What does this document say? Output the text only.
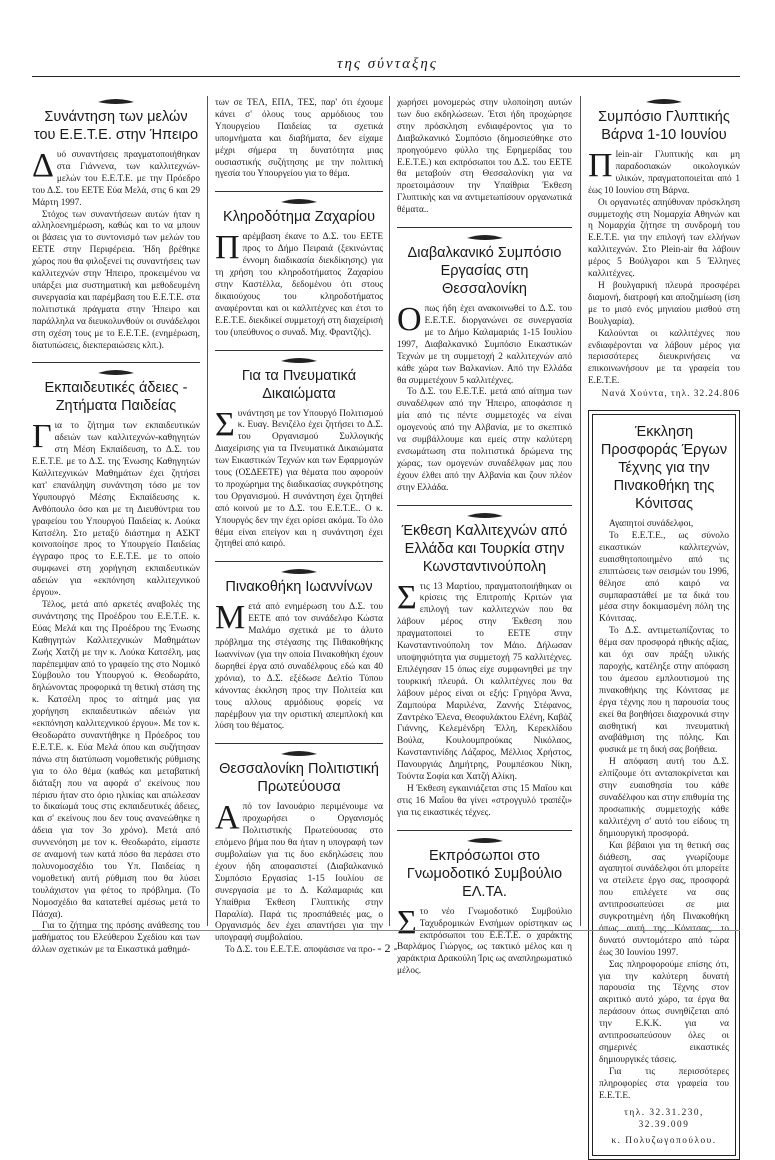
της σύνταξης
Συνάντηση των μελών του Ε.Ε.Τ.Ε. στην Ήπειρο

Δυό συναντήσεις πραγματοποιήθηκαν στα Γιάννενα, των καλλιτεχνών-μελών του Ε.Ε.Τ.Ε. με την Πρόεδρο του Δ.Σ. του ΕΕΤΕ Εύα Μελά, στις 6 και 29 Μάρτη 1997.

Στόχος των συναντήσεων αυτών ήταν η αλληλοενημέρωση, καθώς και το να μπουν οι βάσεις για το συντονισμό των μελών του ΕΕΤΕ στην Περιφέρεια. Ήδη βρέθηκε χώρος που θα φιλοξενεί τις συναντήσεις των καλλιτεχνών στην Ήπειρο, προκειμένου να υπάρξει μια συστηματική και μεθοδευμένη συνεργασία και παρέμβαση του Ε.Ε.Τ.Ε. στα πολιτιστικά πράγματα στην Ήπειρο και παράλληλα να διευκολυνθούν οι συνάδελφοι στη σχέση τους με το Ε.Ε.Τ.Ε. (ενημέρωση, διατυπώσεις, διεκπεραιώσεις κλπ.).

Εκπαιδευτικές άδειες - Ζητήματα Παιδείας

Για το ζήτημα των εκπαιδευτικών αδειών των καλλιτεχνών-καθηγητών στη Μέση Εκπαίδευση, το Δ.Σ. του Ε.Ε.Τ.Ε. με το Δ.Σ. της Ένωσης Καθηγητών Καλλιτεχνικών Μαθημάτων έχει ζητήσει κατ' επανάληψη συνάντηση τόσο με τον Υφυπουργό Μέσης Εκπαίδευσης κ. Ανθόπουλο όσο και με τη Διευθύντρια του γραφείου του Υπουργού Παιδείας κ. Λούκα Κατσέλη. Στο μεταξύ διάστημα η ΑΣΚΤ κοινοποίησε προς το Υπουργείο Παιδείας έγγραφο προς το Ε.Ε.Τ.Ε. με το οποίο συμφωνεί στη χορήγηση εκπαιδευτικών αδειών για «εκπόνηση καλλιτεχνικού έργου».

Τέλος, μετά από αρκετές αναβολές της συνάντησης της Προέδρου του Ε.Ε.Τ.Ε. κ. Εύας Μελά και της Προέδρου της Ένωσης Καθηγητών Καλλιτεχνικών Μαθημάτων Ζωής Χατζή με την κ. Λούκα Κατσέλη, μας παρέπεμψαν από το γραφείο της στο Νομικό Σύμβουλο του Υπουργού κ. Θεοδωράτο, δηλώνοντας προφορικά τη θετική στάση της κ. Κατσέλη προς το αίτημά μας για χορήγηση εκπαιδευτικών αδειών για «εκπόνηση καλλιτεχνικού έργου». Με τον κ. Θεοδωράτο συναντήθηκε η Πρόεδρος του Ε.Ε.Τ.Ε. κ. Εύα Μελά όπου και συζήτησαν πάνω στη διατύπωση νομοθετικής ρύθμισης για το όλο θέμα (καθώς και μεταβατική διάταξη που να αφορά σ' εκείνους που πέρισυ ήταν στο όριο ηλικίας και απώλεσαν το δικαίωμά τους στις εκπαιδευτικές άδειες, και σ' εκείνους που δεν τους ανανεώθηκε η άδεια για τον 3ο χρόνο). Μετά από συννενόηση με τον κ. Θεοδωράτο, είμαστε σε αναμονή των κατά πόσο θα περάσει στο πολυνομοσχέδιο του Υπ. Παιδείας η νομοθετική αυτή ρύθμιση που θα λύσει τουλάχιστον για φέτος το πρόβλημα. (Το Νομοσχέδιο θα κατατεθεί αμέσως μετά το Πάσχα).

Για το ζήτημα της πρόσης ανάθεσης του μαθήματος του Ελεύθερου Σχεδίου και των άλλων σχετικών με τα Εικαστικά μαθημά-

των σε ΤΕΛ, ΕΠΛ, ΤΕΣ, παρ' ότι έχουμε κάνει σ' όλους τους αρμόδιους του Υπουργείου Παιδείας τα σχετικά υπομνήματα και διαβήματα, δεν είχαμε μέχρι σήμερα τη δυνατότητα μιας ουσιαστικής συζήτησης με την πολιτική ηγεσία του Υπουργείου για το θέμα.

Κληροδότημα Ζαχαρίου

Παρέμβαση έκανε το Δ.Σ. του ΕΕΤΕ προς το Δήμο Πειραιά (ξεκινώντας έννομη διαδικασία διεκδίκησης) για τη χρήση του κληροδοτήματος Ζαχαρίου στην Καστέλλα, δεδομένου ότι στους δικαιούχους του κληροδοτήματος αναφέρονται και οι καλλιτέχνες και έτσι το Ε.Ε.Τ.Ε. διεκδικεί συμμετοχή στη διαχείρισή του (υπεύθυνος ο συναδ. Μιχ. Φραντζής).

Για τα Πνευματικά Δικαιώματα

Συνάντηση με τον Υπουργό Πολιτισμού κ. Ευαγ. Βενιζέλο έχει ζητήσει το Δ.Σ. του Οργανισμού Συλλογικής Διαχείρισης για τα Πνευματικά Δικαιώματα των Εικαστικών Τεχνών και των Εφαρμογών τους (ΟΣΔΕΕΤΕ) για θέματα που αφορούν το προχώρημα της διαδικασίας συγκρότησης του Οργανισμού. Η συνάντηση έχει ζητηθεί από κοινού με το Δ.Σ. του Ε.Ε.Τ.Ε.. Ο κ. Υπουργός δεν την έχει ορίσει ακόμα. Το όλο θέμα είναι επείγον και η συνάντηση έχει ζητηθεί από καιρό.

Πινακοθήκη Ιωαννίνων

Μετά από ενημέρωση του Δ.Σ. του ΕΕΤΕ από τον συνάδελφο Κώστα Μαλάμο σχετικά με το άλυτο πρόβλημα της στέγασης της Πιθακοθήκης Ιωαννίνων (για την οποία Πινακοθήκη έχουν δωρηθεί έργα από συναδέλφους εδώ και 40 χρόνια), το Δ.Σ. εξέδωσε Δελτίο Τύπου κάνοντας έκκληση προς την Πολιτεία και τους αλλους αρμόδιους φορείς να παρέμβουν για την οριστική απεμπλοκή και λύση του θέματος.

Θεσσαλονίκη Πολιτιστική Πρωτεύουσα

Από τον Ιανουάριο περιμένουμε να προχωρήσει ο Οργανισμός Πολιτιστικής Πρωτεύουσας στο επόμενο βήμα που θα ήταν η υπογραφή των συμβολαίων για τις δυο εκδηλώσεις που έχουν ήδη αποφασιστεί (Διαβαλκανικό Συμπόσιο Εργασίας 1-15 Ιουλίου σε συνεργασία με το Δ. Καλαμαριάς και Υπαίθρια Έκθεση Γλυπτικής στην Παραλία). Παρά τις προσπάθειές μας, ο Οργανισμός δεν έχει απαντήσει για την υπογραφή συμβολαίου.

Το Δ.Σ. του Ε.Ε.Τ.Ε. αποφάσισε να προ-

χωρήσει μονομερώς στην υλοποίηση αυτών των δυο εκδηλώσεων. Έτσι ήδη προχώρησε στην πρόσκληση ενδιαφέροντος για το Διαβαλκανικό Συμπόσιο (δημοσιεύθηκε στο προηγούμενο φύλλο της Εφημερίδας του Ε.Ε.Τ.Ε.) και εκπρόσωποι του Δ.Σ. του ΕΕΤΕ θα μεταβούν στη Θεσσαλονίκη για να προετοιμάσουν την Υπαίθρια Έκθεση Γλυπτικής και να αντιμετωπίσουν οργανωτικά θέματα..

Διαβαλκανικό Συμπόσιο Εργασίας στη Θεσσαλονίκη

Οπως ήδη έχει ανακοινωθεί το Δ.Σ. του Ε.Ε.Τ.Ε. διοργανώνει σε συνεργασία με το Δήμο Καλαμαριάς 1-15 Ιουλίου 1997, Διαβαλκανικό Συμπόσιο Εικαστικών Τεχνών με τη συμμετοχή 2 καλλιτεχνών από κάθε χώρα των Βαλκανίων. Από την Ελλάδα θα συμμετέχουν 5 καλλιτέχνες.

Το Δ.Σ. του Ε.Ε.Τ.Ε. μετά από αίτημα των συναδέλφων από την Ήπειρο, αποφάσισε η μία από τις πέντε συμμετοχές να είναι ομογενούς από την Αλβανία, με το σκεπτικό να συμβάλλουμε και εμείς στην καλύτερη ενσωμάτωση στα πολιτιστικά δρώμενα της χώρας, των ομογενών συναδέλφων μας που έχουν έλθει από την Αλβανία και ζουν πλέον στην Ελλάδα.

Έκθεση Καλλιτεχνών από Ελλάδα και Τουρκία στην Κωνσταντινούπολη

Στις 13 Μαρτίου, πραγματοποιήθηκαν οι κρίσεις της Επιτροπής Κριτών για επιλογή των καλλιτεχνών που θα λάβουν μέρος στην Έκθεση που πραγματοποιεί το ΕΕΤΕ στην Κωνσταντινούπολη τον Μάιο. Δήλωσαν υποψηφιότητα για συμμετοχή 75 καλλιτέχνες. Επιλέγησαν 15 όπως είχε συμφωνηθεί με την τουρκική πλευρά. Οι καλλιτέχνες που θα λάβουν μέρος είναι οι εξής: Γρηγόρα Άννα, Ζαμπούρα Μαριλένα, Ζαννής Στέφανος, Ζαντρέκο Έλενα, Θεοφυλάκτου Ελένη, Καβάζ Γιάννης, Κελεμένδρη Έλλη, Κερεκλίδου Βούλα, Κουλουμπρούκας Νικόλαος, Κωνσταντινίδης Λάζαρος, Μέλλιος Χρήστος, Πανουργιάς Δημήτρης, Ρουμπέσκου Νίκη, Τούντα Σοφία και Χατζή Αλίκη.

Η Έκθεση εγκαινιάζεται στις 15 Μαΐου και στις 16 Μαΐου θα γίνει «στρογγυλό τραπέζι» για τις εικαστικές τέχνες.

Εκπρόσωποι στο Γνωμοδοτικό Συμβούλιο ΕΛ.ΤΑ.

Στο νέο Γνωμοδοτικό Συμβούλιο Ταχυδρομικών Ενσήμων ορίστηκαν ως εκπρόσωποι του Ε.Ε.Τ.Ε. ο χαράκτης Βαρλάμος Γιώργος, ως τακτικό μέλος και η χαράκτρια Δρακούλη Ίρις ως αναπληρωματικό μέλος.

Συμπόσιο Γλυπτικής Βάρνα 1-10 Ιουνίου

Πlein-air Γλυπτικής και μη παραδοσιακών οικολογικών υλικών, πραγματοποιείται από 1 έως 10 Ιουνίου στη Βάρνα.

Οι οργανωτές απηύθυναν πρόσκληση συμμετοχής στη Νομαρχία Αθηνών και η Νομαρχία ζήτησε τη συνδρομή του Ε.Ε.Τ.Ε. για την επιλογή των ελλήνων καλλιτεχνών. Στο Plein-air θα λάβουν μέρος 5 Βούλγαροι και 5 Έλληνες καλλιτέχνες.

Η βουλγαρική πλευρά προσφέρει διαμονή, διατροφή και αποζημίωση (ίση με το μισό ενός μηνιαίου μισθού στη Βουλγαρία).

Καλούνται οι καλλιτέχνες που ενδιαφέρονται να λάβουν μέρος για περισσότερες διευκρινήσεις να επικοινωνήσουν με τα γραφεία του Ε.Ε.Τ.Ε.

Νανά Χούντα, τηλ. 32.24.806
Έκκληση Προσφοράς Έργων Τέχνης για την Πινακοθήκη της Κόνιτσας

Αγαπητοί συνάδελφοι,

Το Ε.Ε.Τ.Ε., ως σύνολο εικαστικών καλλιτεχνών, ευαισθητοποιημένο από τις επιπτώσεις των σεισμών του 1996, θέλησε από καιρό να συμπαραστάθεί με τα δικά του μέσα στην δοκιμασμένη πόλη της Κόνιτσας.

Το Δ.Σ. αντιμετωπίζοντας το θέμα σαν προσφορά ηθικής αξίας, και όχι σαν πράξη υλικής παροχής, κατέληξε στην απόφαση του άμεσου εμπλουτισμού της πινακοθήκης της Κόνιτσας με έργα τέχνης που η παρουσία τους εκεί θα βοηθήσει διαχρονικά στην αισθητική και πνευματική αναβάθμιση της πόλης. Και φυσικά με τη δική σας βοήθεια.

Η απόφαση αυτή του Δ.Σ. ελπίζουμε ότι ανταποκρίνεται και στην ευαισθησία του κάθε συναδέλφου και στην επιθυμία της προσωπικής συμμετοχής κάθε καλλιτέχνη σ' αυτό του είδους τη δημιουργική προσφορά.

Και βέβαιοι για τη θετική σας διάθεση, σας γνωρίζουμε αγαπητοί συνάδελφοι ότι μπορείτε να στείλετε έργο σας, προσφορά που επιλέγετε να σας αντιπροσωπεύσει σε μια συγκροτημένη ήδη Πινακοθήκη όπως αυτή της Κόνιτσας, το δυνατό συντομότερο από τώρα έως 30 Ιουνίου 1997.

Σας πληροφορούμε επίσης ότι, για την καλύτερη δυνατή παρουσία της Τέχνης στον ακριτικό αυτό χώρο, τα έργα θα περάσουν όπως συνηθίζεται από την Ε.Κ.Κ. για να αντιπροσωπεύσουν όλες οι σημερινές εικαστικές δημιουργικές τάσεις.

Για τις περισσότερες πληροφορίες στα γραφεία του Ε.Ε.Τ.Ε.

τηλ. 32.31.230, 32.39.009
κ. Πολυζωγοπούλου.
- 2 -
